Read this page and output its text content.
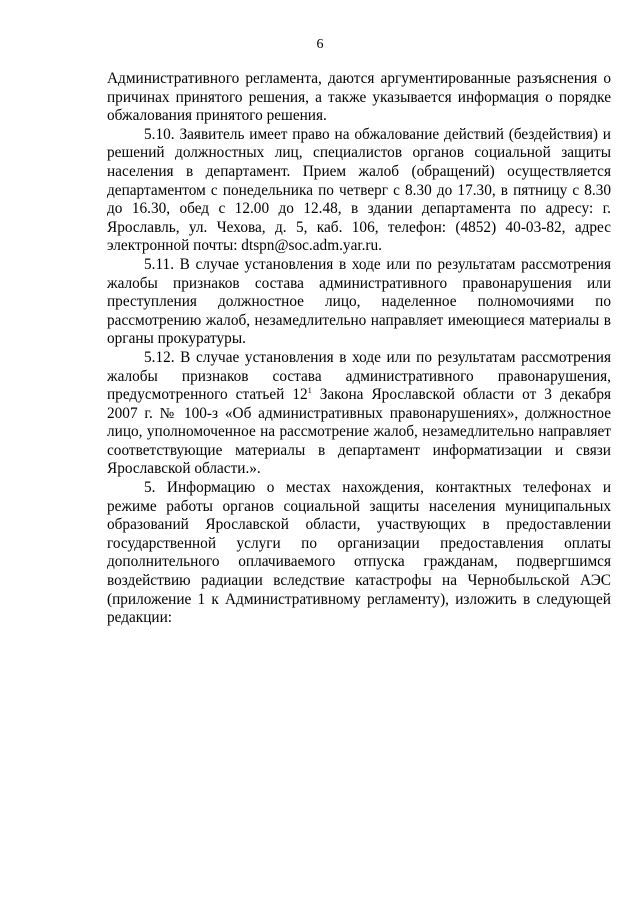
6

Административного регламента, даются аргументированные разъяснения о причинах принятого решения, а также указывается информация о порядке обжалования принятого решения.

5.10. Заявитель имеет право на обжалование действий (бездействия) и решений должностных лиц, специалистов органов социальной защиты населения в департамент. Прием жалоб (обращений) осуществляется департаментом с понедельника по четверг с 8.30 до 17.30, в пятницу с 8.30 до 16.30, обед с 12.00 до 12.48, в здании департамента по адресу: г. Ярославль, ул. Чехова, д. 5, каб. 106, телефон: (4852) 40-03-82, адрес электронной почты: dtspn@soc.adm.yar.ru.

5.11. В случае установления в ходе или по результатам рассмотрения жалобы признаков состава административного правонарушения или преступления должностное лицо, наделенное полномочиями по рассмотрению жалоб, незамедлительно направляет имеющиеся материалы в органы прокуратуры.

5.12. В случае установления в ходе или по результатам рассмотрения жалобы признаков состава административного правонарушения, предусмотренного статьей $12^1$ Закона Ярославской области от 3 декабря 2007 г. № 100-з «Об административных правонарушениях», должностное лицо, уполномоченное на рассмотрение жалоб, незамедлительно направляет соответствующие материалы в департамент информатизации и связи Ярославской области.».

5. Информацию о местах нахождения, контактных телефонах и режиме работы органов социальной защиты населения муниципальных образований Ярославской области, участвующих в предоставлении государственной услуги по организации предоставления оплаты дополнительного оплачиваемого отпуска гражданам, подвергшимся воздействию радиации вследствие катастрофы на Чернобыльской АЭС (приложение 1 к Административному регламенту), изложить в следующей редакции:
